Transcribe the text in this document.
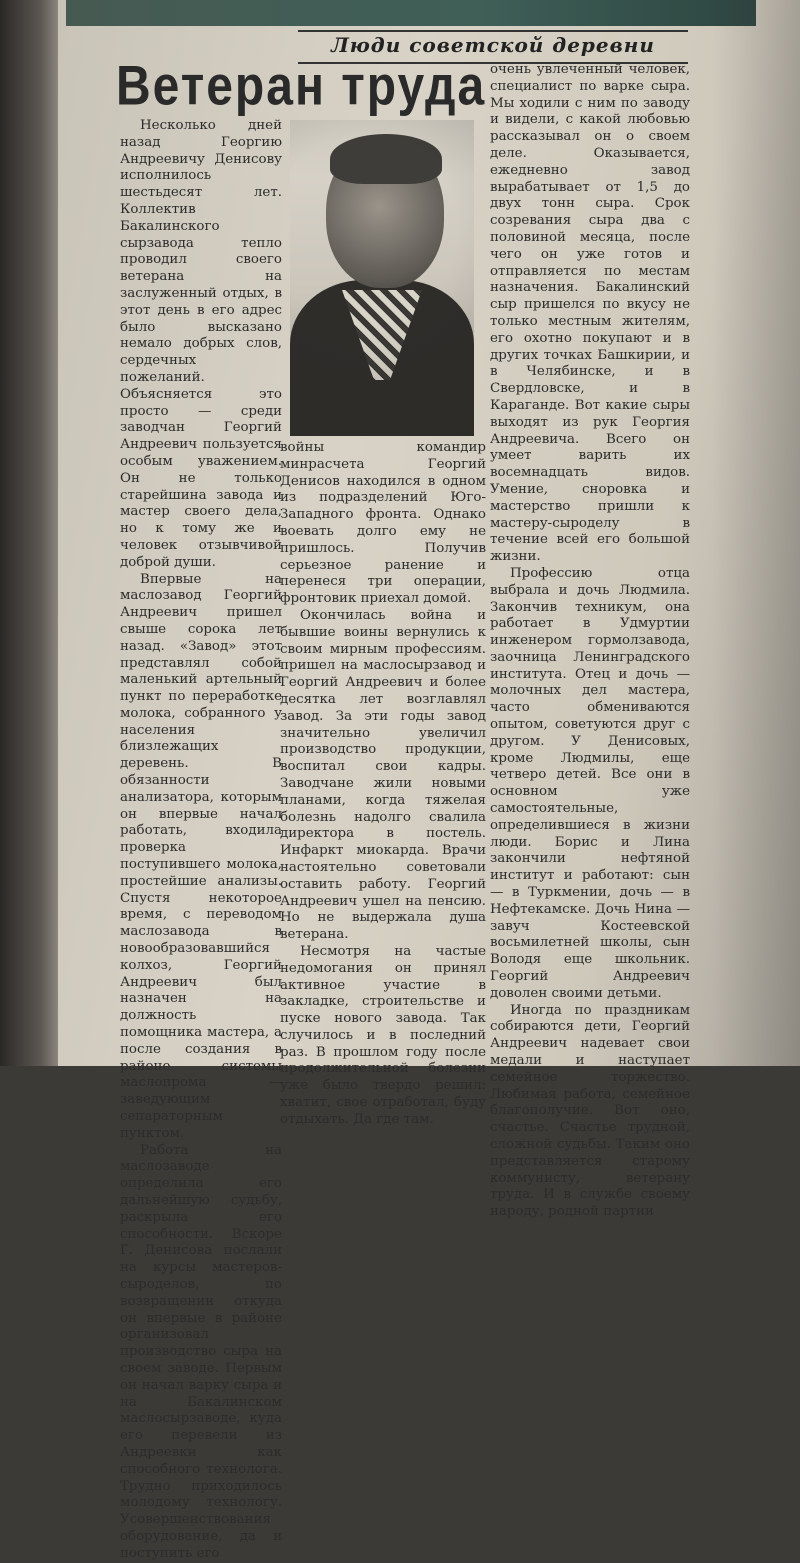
Люди советской деревни
Ветеран труда

Несколько дней назад Георгию Андреевичу Денисову исполнилось шестьдесят лет. Коллектив Бакалинского сырзавода тепло проводил своего ветерана на заслуженный отдых, в этот день в его адрес было высказано немало добрых слов, сердечных пожеланий. Объясняется это просто — среди заводчан Георгий Андреевич пользуется особым уважением. Он не только старейшина завода и мастер своего дела, но к тому же и человек отзывчивой доброй души.

Впервые на маслозавод Георгий Андреевич пришел свыше сорока лет назад. «Завод» этот представлял собой маленький артельный пункт по переработке молока, собранного у населения близлежащих деревень. В обязанности анализатора, которым он впервые начал работать, входила проверка поступившего молока, простейшие анализы. Спустя некоторое время, с переводом маслозавода в новообразовавшийся колхоз, Георгий Андреевич был назначен на должность помощника мастера, а после создания в районе системы маслопрома — заведующим сепараторным пунктом.

Работа на маслозаводе определила его дальнейшую судьбу, раскрыла его способности. Вскоре Г. Денисова послали на курсы мастеров-сыроделов, по возвращении откуда он впервые в районе организовал производство сыра на своем заводе. Первым он начал варку сыра и на Бакалинском маслосырзаводе, куда его перевели из Андреевки как способного технолога. Трудно приходилось молодому технологу. Усовершенствования оборудование, да и поступить его

войны командир минрасчета Георгий Денисов находился в одном из подразделений Юго-Западного фронта. Однако воевать долго ему не пришлось. Получив серьезное ранение и перенеся три операции, фронтовик приехал домой.

Окончилась война и бывшие воины вернулись к своим мирным профессиям. пришел на маслосырзавод и Георгий Андреевич и более десятка лет возглавлял завод. За эти годы завод значительно увеличил производство продукции, воспитал свои кадры. Заводчане жили новыми планами, когда тяжелая болезнь надолго свалила директора в постель. Инфаркт миокарда. Врачи настоятельно советовали оставить работу. Георгий Андреевич ушел на пенсию. Но не выдержала душа ветерана.

Несмотря на частые недомогания он принял активное участие в закладке, строительстве и пуске нового завода. Так случилось и в последний раз. В прошлом году после продолжительной болезни уже было твердо решил: хватит, свое отработал, буду отдыхать. Да где там.

очень увлеченный человек, специалист по варке сыра. Мы ходили с ним по заводу и видели, с какой любовью рассказывал он о своем деле. Оказывается, ежедневно завод вырабатывает от 1,5 до двух тонн сыра. Срок созревания сыра два с половиной месяца, после чего он уже готов и отправляется по местам назначения. Бакалинский сыр пришелся по вкусу не только местным жителям, его охотно покупают и в других точках Башкирии, и в Челябинске, и в Свердловске, и в Караганде. Вот какие сыры выходят из рук Георгия Андреевича. Всего он умеет варить их восемнадцать видов. Умение, сноровка и мастерство пришли к мастеру-сыроделу в течение всей его большой жизни.

Профессию отца выбрала и дочь Людмила. Закончив техникум, она работает в Удмуртии инженером гормолзавода, заочница Ленинградского института. Отец и дочь — молочных дел мастера, часто обмениваются опытом, советуются друг с другом. У Денисовых, кроме Людмилы, еще четверо детей. Все они в основном уже самостоятельные, определившиеся в жизни люди. Борис и Лина закончили нефтяной институт и работают: сын — в Туркмении, дочь — в Нефтекамске. Дочь Нина — завуч Костеевской восьмилетней школы, сын Володя еще школьник. Георгий Андреевич доволен своими детьми.

Иногда по праздникам собираются дети, Георгий Андреевич надевает свои медали и наступает семейное торжество. Любимая работа, семейное благополучие. Вот оно, счастье. Счастье трудной, сложной судьбы. Таким оно представляется старому коммунисту, ветерану труда. И в службе своему народу, родной партии
